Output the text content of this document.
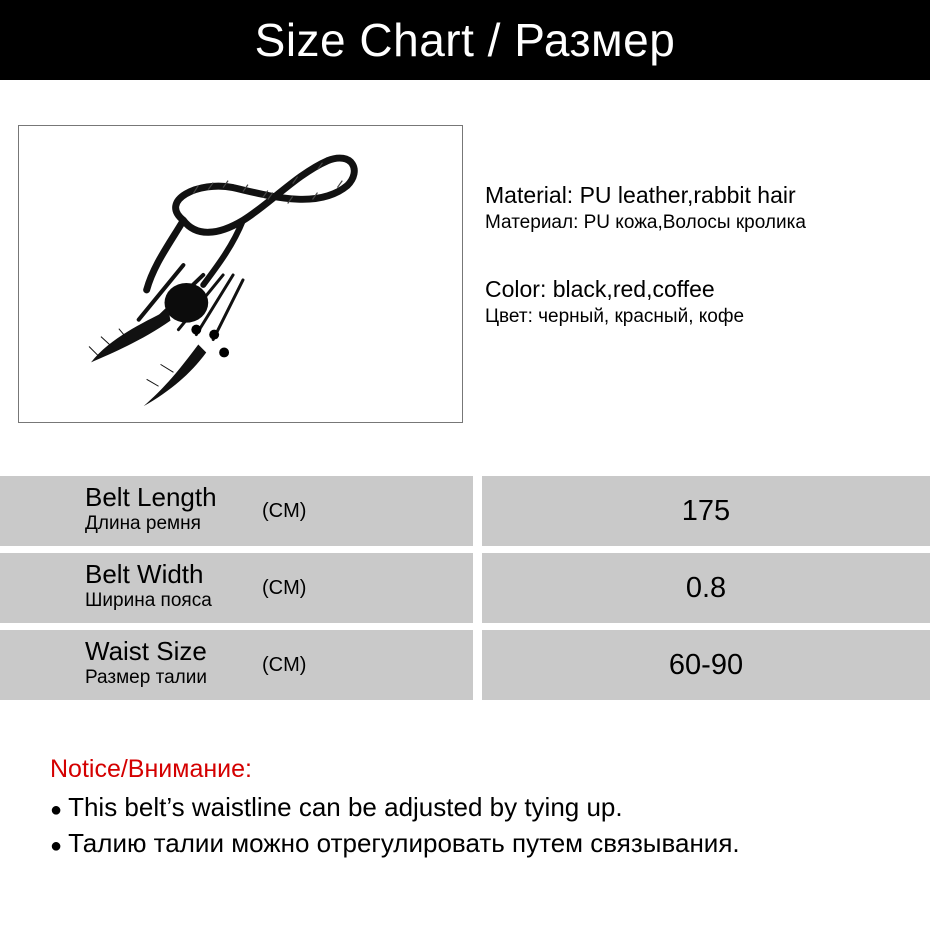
Size Chart / Размер
Material: PU leather,rabbit hair
Материал: PU кожа,Волосы кролика
Color: black,red,coffee
Цвет: черный, красный, кофе
Belt Length
Длина ремня
(CM)	175
Belt Width
Ширина пояса
(CM)	0.8
Waist Size
Размер талии
(CM)	60-90
Notice/Внимание:
● This belt’s waistline can be adjusted by tying up.
● Талию талии можно отрегулировать путем связывания.
